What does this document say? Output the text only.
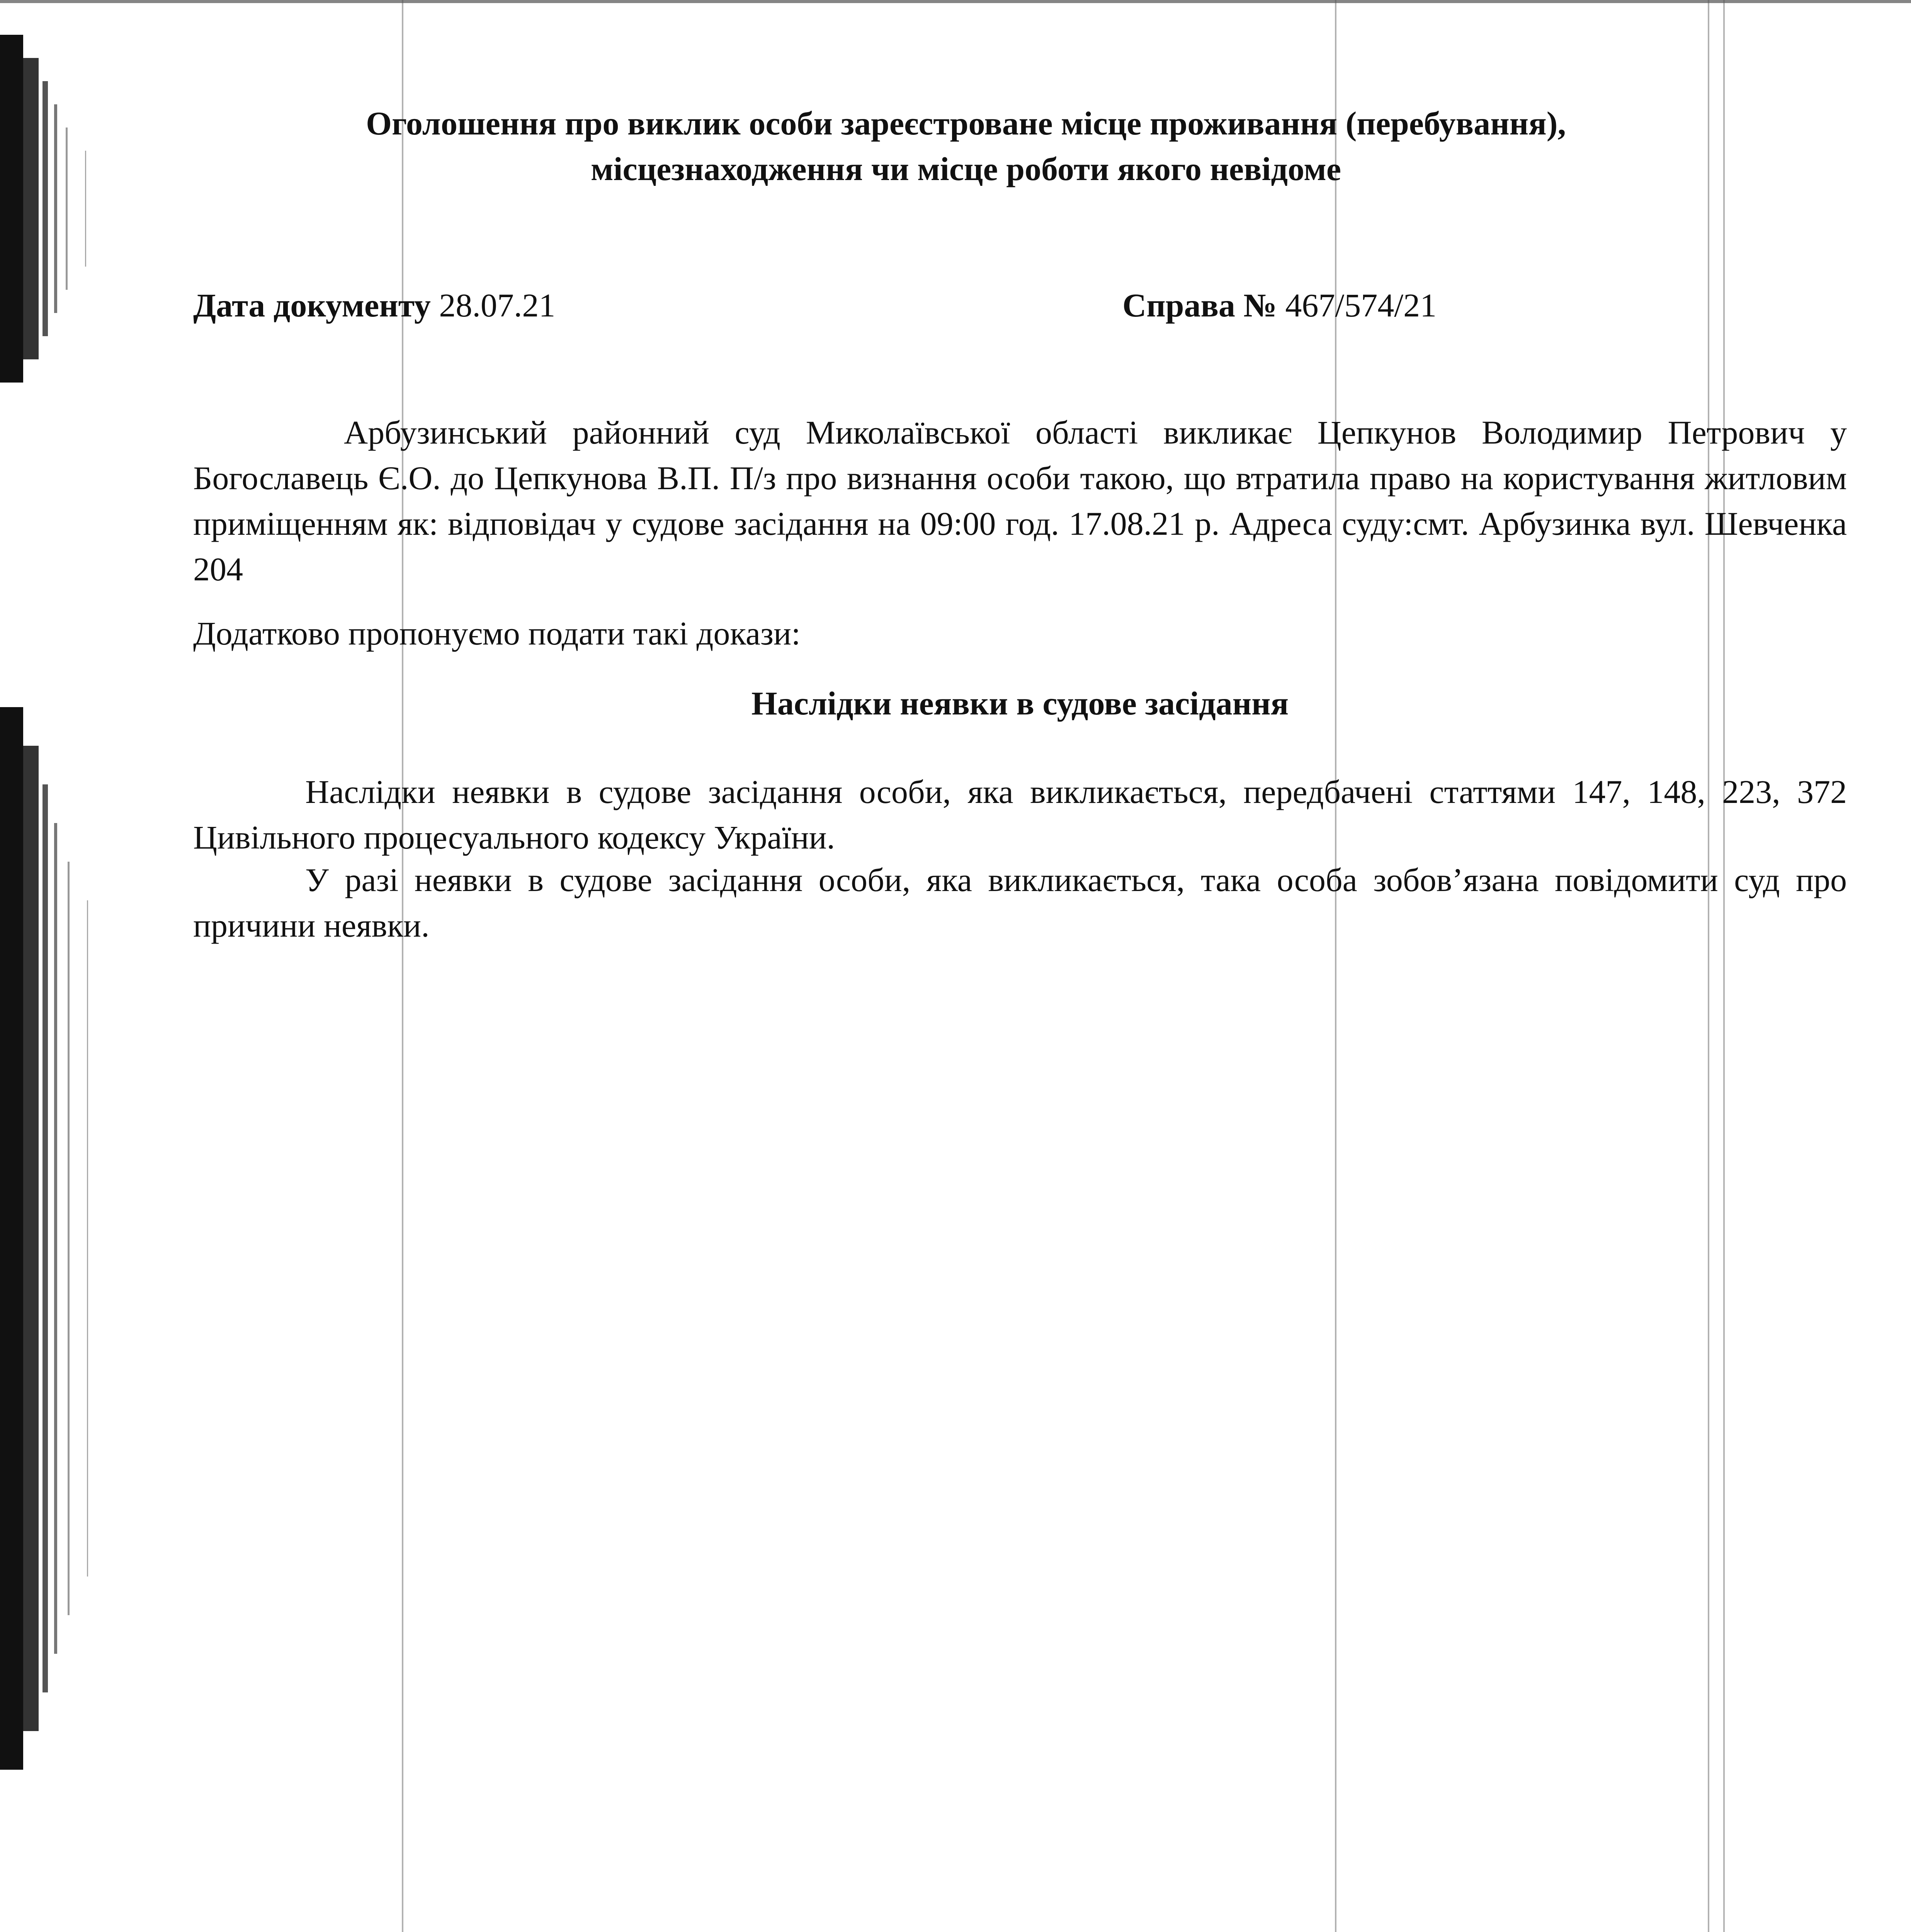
Оголошення про виклик особи зареєстроване місце проживання (перебування),
місцезнаходження чи місце роботи якого невідоме
Дата документу 28.07.21	Справа № 467/574/21

Арбузинський районний суд Миколаївської області викликає Цепкунов Володимир Петрович у Богославець Є.О. до Цепкунова В.П. П/з про визнання особи такою, що втратила право на користування житловим приміщенням як: відповідач у судове засідання на 09:00 год. 17.08.21 р. Адреса суду:смт. Арбузинка вул. Шевченка 204

Додатково пропонуємо подати такі докази:

Наслідки неявки в судове засідання

Наслідки неявки в судове засідання особи, яка викликається, передбачені статтями 147, 148, 223, 372 Цивільного процесуального кодексу України.

У разі неявки в судове засідання особи, яка викликається, така особа зобов’язана повідомити суд про причини неявки.
